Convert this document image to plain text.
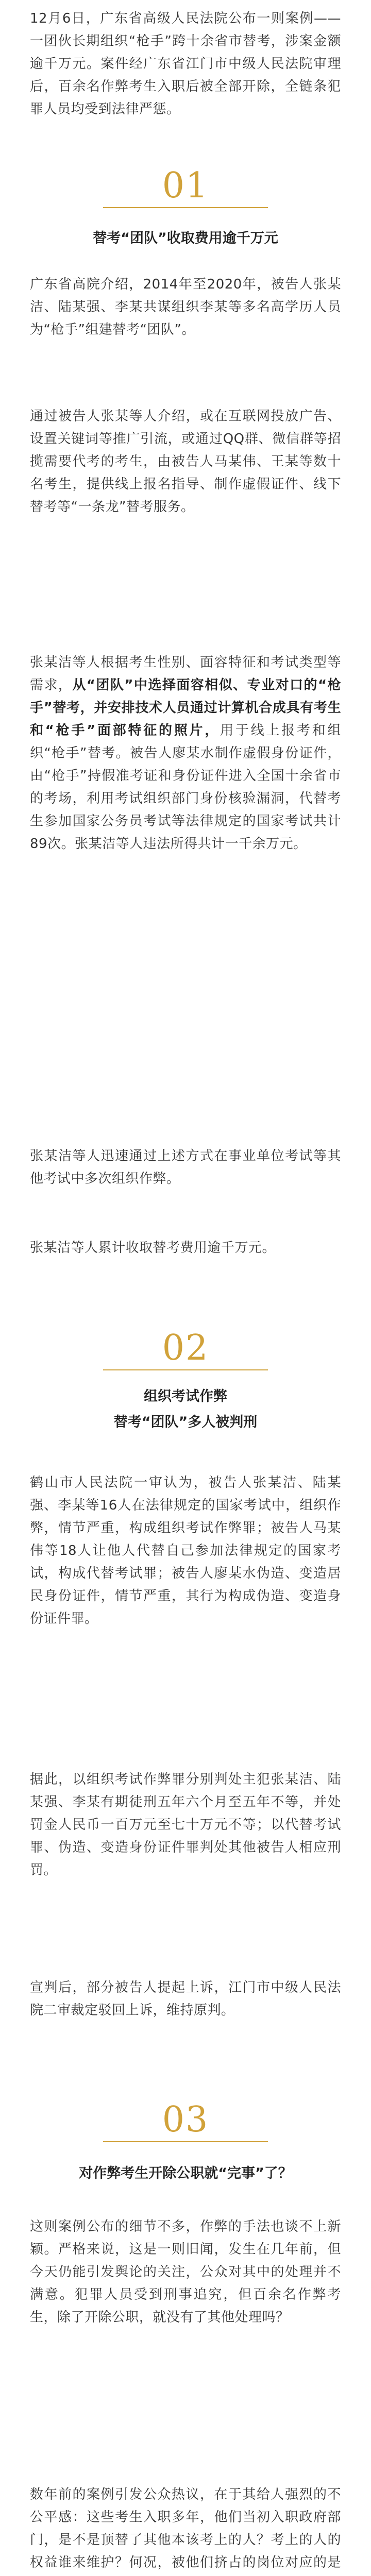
12月6日，广东省高级人民法院公布一则案例——一团伙长期组织“枪手”跨十余省市替考，涉案金额逾千万元。案件经广东省江门市中级人民法院审理后，百余名作弊考生入职后被全部开除，全链条犯罪人员均受到法律严惩。

01
替考“团队”收取费用逾千万元

广东省高院介绍，2014年至2020年，被告人张某洁、陆某强、李某共谋组织李某等多名高学历人员为“枪手”组建替考“团队”。

通过被告人张某等人介绍，或在互联网投放广告、设置关键词等推广引流，或通过QQ群、微信群等招揽需要代考的考生，由被告人马某伟、王某等数十名考生，提供线上报名指导、制作虚假证件、线下替考等“一条龙”替考服务。

张某洁等人根据考生性别、面容特征和考试类型等需求，从“团队”中选择面容相似、专业对口的“枪手”替考，并安排技术人员通过计算机合成具有考生和“枪手”面部特征的照片，用于线上报考和组织“枪手”替考。被告人廖某水制作虚假身份证件，由“枪手”持假准考证和身份证件进入全国十余省市的考场，利用考试组织部门身份核验漏洞，代替考生参加国家公务员考试等法律规定的国家考试共计89次。张某洁等人违法所得共计一千余万元。

张某洁等人迅速通过上述方式在事业单位考试等其他考试中多次组织作弊。

张某洁等人累计收取替考费用逾千万元。

02
组织考试作弊
替考“团队”多人被判刑

鹤山市人民法院一审认为，被告人张某洁、陆某强、李某等16人在法律规定的国家考试中，组织作弊，情节严重，构成组织考试作弊罪；被告人马某伟等18人让他人代替自己参加法律规定的国家考试，构成代替考试罪；被告人廖某水伪造、变造居民身份证件，情节严重，其行为构成伪造、变造身份证件罪。

据此，以组织考试作弊罪分别判处主犯张某洁、陆某强、李某有期徒刑五年六个月至五年不等，并处罚金人民币一百万元至七十万元不等；以代替考试罪、伪造、变造身份证件罪判处其他被告人相应刑罚。

宣判后，部分被告人提起上诉，江门市中级人民法院二审裁定驳回上诉，维持原判。

03
对作弊考生开除公职就“完事”了？

这则案例公布的细节不多，作弊的手法也谈不上新颖。严格来说，这是一则旧闻，发生在几年前，但今天仍能引发舆论的关注，公众对其中的处理并不满意。犯罪人员受到刑事追究，但百余名作弊考生，除了开除公职，就没有了其他处理吗？

数年前的案例引发公众热议，在于其给人强烈的不公平感：这些考生入职多年，他们当初入职政府部门，是不是顶替了其他本该考上的人？考上的人的权益谁来维护？何况，被他们挤占的岗位对应的是
